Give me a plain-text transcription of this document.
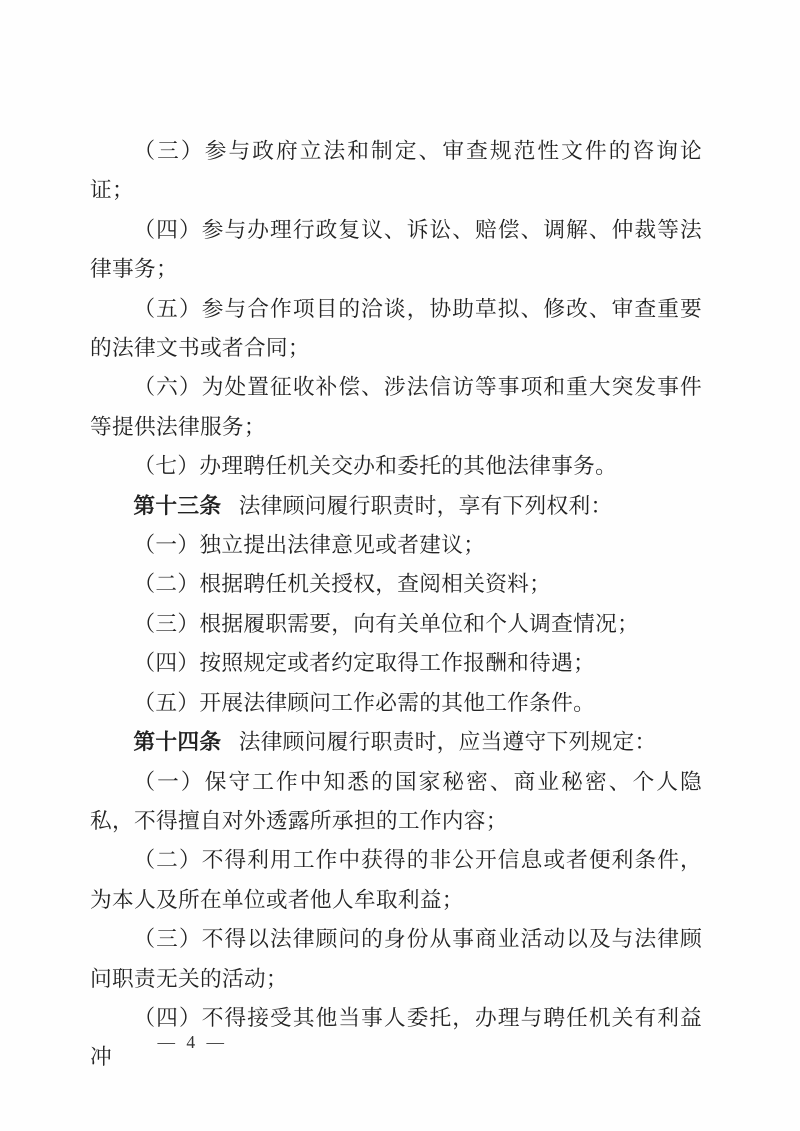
（三）参与政府立法和制定、审查规范性文件的咨询论证；

（四）参与办理行政复议、诉讼、赔偿、调解、仲裁等法律事务；

（五）参与合作项目的洽谈，协助草拟、修改、审查重要的法律文书或者合同；

（六）为处置征收补偿、涉法信访等事项和重大突发事件等提供法律服务；

（七）办理聘任机关交办和委托的其他法律事务。

第十三条 法律顾问履行职责时，享有下列权利：

（一）独立提出法律意见或者建议；

（二）根据聘任机关授权，查阅相关资料；

（三）根据履职需要，向有关单位和个人调查情况；

（四）按照规定或者约定取得工作报酬和待遇；

（五）开展法律顾问工作必需的其他工作条件。

第十四条 法律顾问履行职责时，应当遵守下列规定：

（一）保守工作中知悉的国家秘密、商业秘密、个人隐私，不得擅自对外透露所承担的工作内容；

（二）不得利用工作中获得的非公开信息或者便利条件，为本人及所在单位或者他人牟取利益；

（三）不得以法律顾问的身份从事商业活动以及与法律顾问职责无关的活动；

（四）不得接受其他当事人委托，办理与聘任机关有利益冲

— 4 —
